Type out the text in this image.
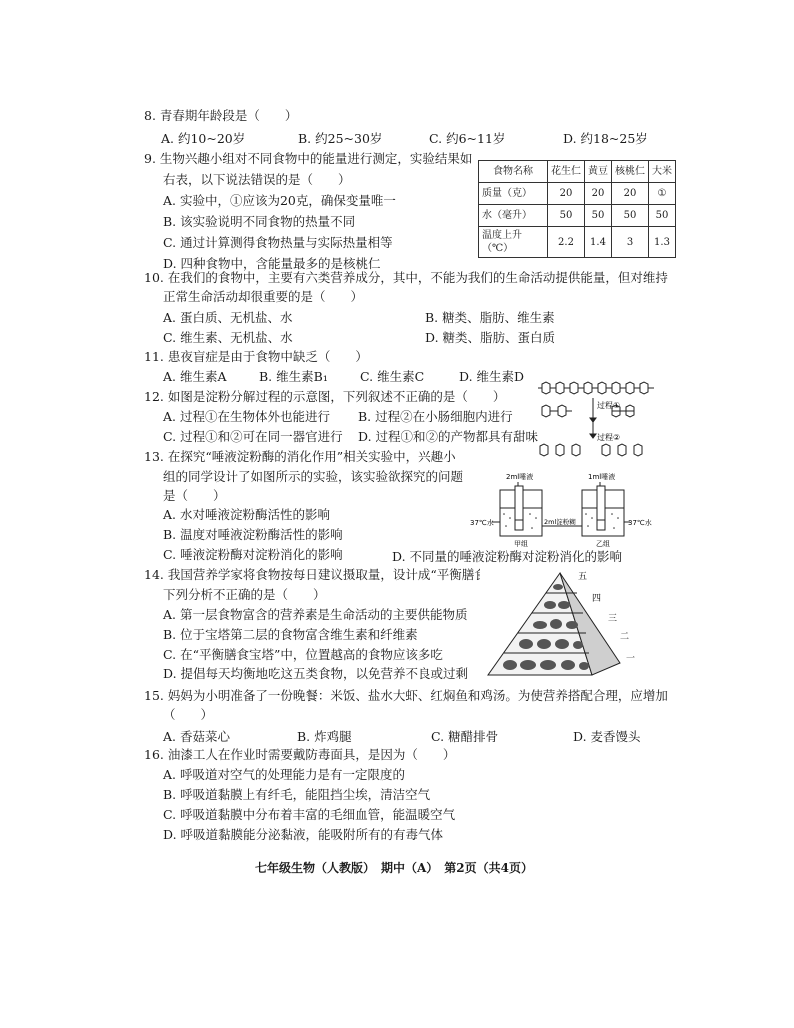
8. 青春期年龄段是（　　）
A. 约10~20岁	B. 约25~30岁	C. 约6~11岁	D. 约18~25岁
9. 生物兴趣小组对不同食物中的能量进行测定，实验结果如
右表，以下说法错误的是（　　）
A. 实验中，①应该为20克，确保变量唯一
B. 该实验说明不同食物的热量不同
C. 通过计算测得食物热量与实际热量相等
D. 四种食物中，含能量最多的是核桃仁
食物名称	花生仁	黄豆	核桃仁	大米
质量（克）	20	20	20	①
水（毫升）	50	50	50	50
温度上升（℃）	2.2	1.4	3	1.3
10. 在我们的食物中，主要有六类营养成分，其中，不能为我们的生命活动提供能量，但对维持
正常生命活动却很重要的是（　　）
A. 蛋白质、无机盐、水	B. 糖类、脂肪、维生素
C. 维生素、无机盐、水	D. 糖类、脂肪、蛋白质
11. 患夜盲症是由于食物中缺乏（　　）
A. 维生素A	B. 维生素B₁	C. 维生素C	D. 维生素D
12. 如图是淀粉分解过程的示意图，下列叙述不正确的是（　　）
A. 过程①在生物体外也能进行 B. 过程②在小肠细胞内进行
C. 过程①和②可在同一器官进行 D. 过程①和②的产物都具有甜味
过程①
过程②
13. 在探究“唾液淀粉酶的消化作用”相关实验中，兴趣小
组的同学设计了如图所示的实验，该实验欲探究的问题
是（　　）
A. 水对唾液淀粉酶活性的影响
B. 温度对唾液淀粉酶活性的影响
C. 唾液淀粉酶对淀粉消化的影响	D. 不同量的唾液淀粉酶对淀粉消化的影响
2ml唾液	1ml唾液
37℃水	2ml淀粉糊	37℃水
甲组	乙组
14. 我国营养学家将食物按每日建议摄取量，设计成“平衡膳食宝塔”。
下列分析不正确的是（　　）
A. 第一层食物富含的营养素是生命活动的主要供能物质
B. 位于宝塔第二层的食物富含维生素和纤维素
C. 在“平衡膳食宝塔”中，位置越高的食物应该多吃
D. 提倡每天均衡地吃这五类食物，以免营养不良或过剩
五
四
三
二
一
15. 妈妈为小明准备了一份晚餐：米饭、盐水大虾、红焖鱼和鸡汤。为使营养搭配合理，应增加
（　　）
A. 香菇菜心	B. 炸鸡腿	C. 糖醋排骨	D. 麦香馒头
16. 油漆工人在作业时需要戴防毒面具，是因为（　　）
A. 呼吸道对空气的处理能力是有一定限度的
B. 呼吸道黏膜上有纤毛，能阻挡尘埃，清洁空气
C. 呼吸道黏膜中分布着丰富的毛细血管，能温暖空气
D. 呼吸道黏膜能分泌黏液，能吸附所有的有毒气体
七年级生物（人教版）　期中（A）　第2页（共4页）
